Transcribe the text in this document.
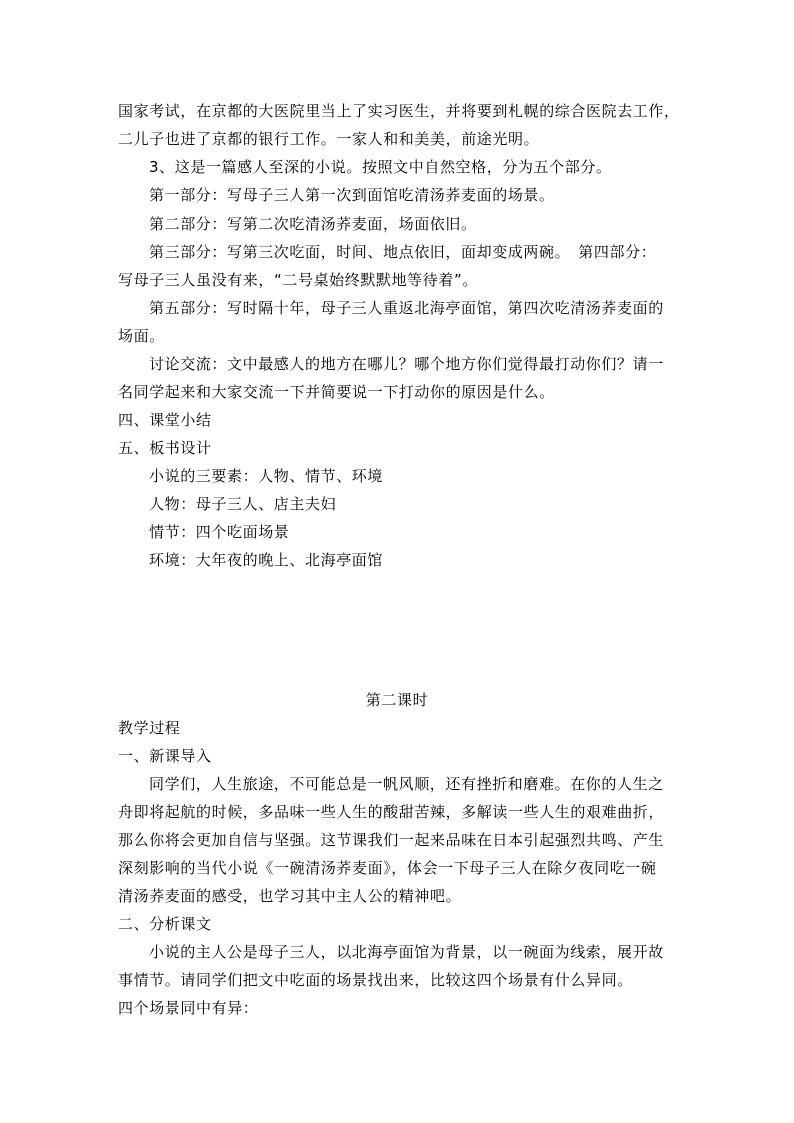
国家考试，在京都的大医院里当上了实习医生，并将要到札幌的综合医院去工作，
二儿子也进了京都的银行工作。一家人和和美美，前途光明。
3、这是一篇感人至深的小说。按照文中自然空格，分为五个部分。
第一部分：写母子三人第一次到面馆吃清汤荞麦面的场景。
第二部分：写第二次吃清汤荞麦面，场面依旧。
第三部分：写第三次吃面，时间、地点依旧，面却变成两碗。　第四部分：
写母子三人虽没有来，“二号桌始终默默地等待着”。
第五部分：写时隔十年，母子三人重返北海亭面馆，第四次吃清汤荞麦面的
场面。
讨论交流：文中最感人的地方在哪儿？哪个地方你们觉得最打动你们？请一
名同学起来和大家交流一下并简要说一下打动你的原因是什么。
四、课堂小结
五、板书设计
小说的三要素：人物、情节、环境
人物：母子三人、店主夫妇
情节：四个吃面场景
环境：大年夜的晚上、北海亭面馆
第二课时
教学过程
一、新课导入
同学们，人生旅途，不可能总是一帆风顺，还有挫折和磨难。在你的人生之
舟即将起航的时候，多品味一些人生的酸甜苦辣，多解读一些人生的艰难曲折，
那么你将会更加自信与坚强。这节课我们一起来品味在日本引起强烈共鸣、产生
深刻影响的当代小说《一碗清汤荞麦面》，体会一下母子三人在除夕夜同吃一碗
清汤荞麦面的感受，也学习其中主人公的精神吧。
二、分析课文
小说的主人公是母子三人，以北海亭面馆为背景，以一碗面为线索，展开故
事情节。请同学们把文中吃面的场景找出来，比较这四个场景有什么异同。
四个场景同中有异：
